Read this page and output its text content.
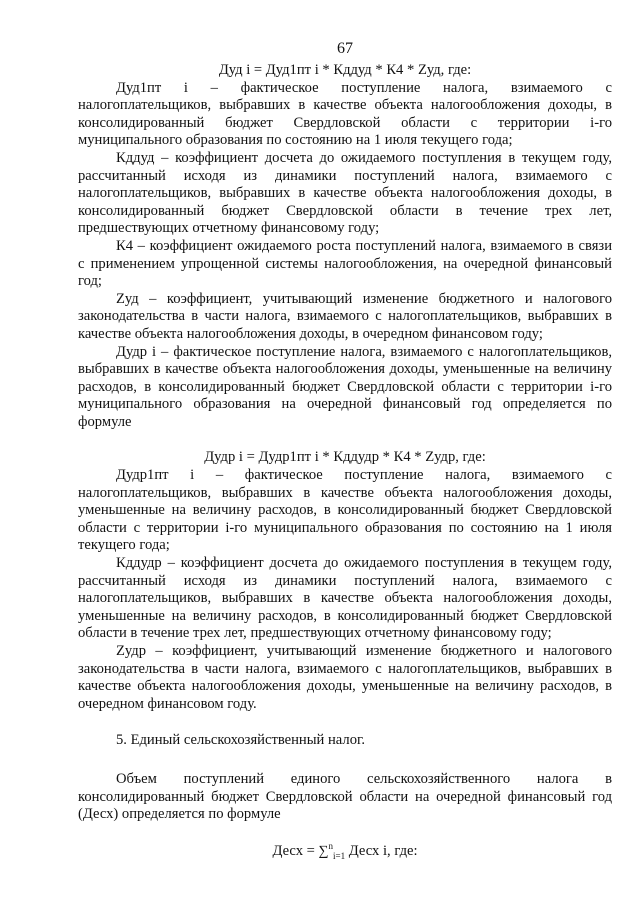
67

Дуд i = Дуд1пт i * Кддуд * К4 * Zуд, где:

Дуд1пт i – фактическое поступление налога, взимаемого с налогоплательщиков, выбравших в качестве объекта налогообложения доходы, в консолидированный бюджет Свердловской области с территории i-го муниципального образования по состоянию на 1 июля текущего года;

Кддуд – коэффициент досчета до ожидаемого поступления в текущем году, рассчитанный исходя из динамики поступлений налога, взимаемого с налогоплательщиков, выбравших в качестве объекта налогообложения доходы, в консолидированный бюджет Свердловской области в течение трех лет, предшествующих отчетному финансовому году;

К4 – коэффициент ожидаемого роста поступлений налога, взимаемого в связи с применением упрощенной системы налогообложения, на очередной финансовый год;

Zуд – коэффициент, учитывающий изменение бюджетного и налогового законодательства в части налога, взимаемого с налогоплательщиков, выбравших в качестве объекта налогообложения доходы, в очередном финансовом году;

Дудр i – фактическое поступление налога, взимаемого с налогоплательщиков, выбравших в качестве объекта налогообложения доходы, уменьшенные на величину расходов, в консолидированный бюджет Свердловской области с территории i-го муниципального образования на очередной финансовый год определяется по формуле

Дудр i = Дудр1пт i * Кддудр * К4 * Zудр, где:

Дудр1пт i – фактическое поступление налога, взимаемого с налогоплательщиков, выбравших в качестве объекта налогообложения доходы, уменьшенные на величину расходов, в консолидированный бюджет Свердловской области с территории i-го муниципального образования по состоянию на 1 июля текущего года;

Кддудр – коэффициент досчета до ожидаемого поступления в текущем году, рассчитанный исходя из динамики поступлений налога, взимаемого с налогоплательщиков, выбравших в качестве объекта налогообложения доходы, уменьшенные на величину расходов, в консолидированный бюджет Свердловской области в течение трех лет, предшествующих отчетному финансовому году;

Zудр – коэффициент, учитывающий изменение бюджетного и налогового законодательства в части налога, взимаемого с налогоплательщиков, выбравших в качестве объекта налогообложения доходы, уменьшенные на величину расходов, в очередном финансовом году.

5. Единый сельскохозяйственный налог.

Объем поступлений единого сельскохозяйственного налога в консолидированный бюджет Свердловской области на очередной финансовый год (Десх) определяется по формуле

Десх = ∑$^n_{i=1}$ Десх i, где:
